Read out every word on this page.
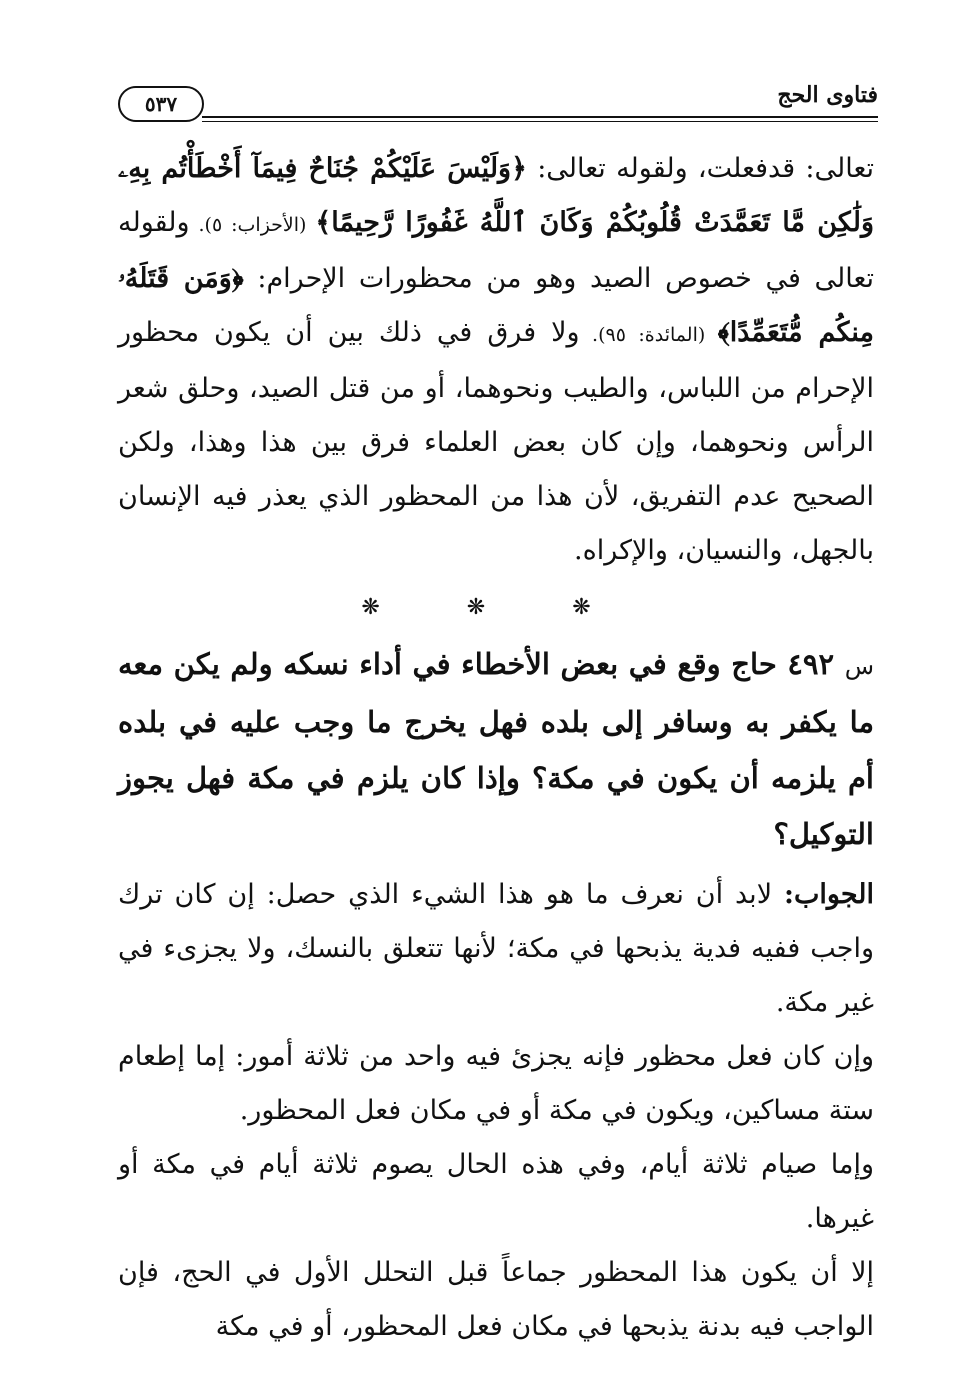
٥٣٧	فتاوى الحج

تعالى: قدفعلت، ولقوله تعالى: ﴿وَلَيْسَ عَلَيْكُمْ جُنَاحٌ فِيمَآ أَخْطَأْتُم بِهِۦ وَلَٰكِن مَّا تَعَمَّدَتْ قُلُوبُكُمْ وَكَانَ ٱللَّهُ غَفُورًا رَّحِيمًا﴾ (الأحزاب: ٥). ولقوله تعالى في خصوص الصيد وهو من محظورات الإحرام: ﴿وَمَن قَتَلَهُۥ مِنكُم مُّتَعَمِّدًا﴾ (المائدة: ٩٥). ولا فرق في ذلك بين أن يكون محظور الإحرام من اللباس، والطيب ونحوهما، أو من قتل الصيد، وحلق شعر الرأس ونحوهما، وإن كان بعض العلماء فرق بين هذا وهذا، ولكن الصحيح عدم التفريق، لأن هذا من المحظور الذي يعذر فيه الإنسان بالجهل، والنسيان، والإكراه.

❋ ❋ ❋

س ٤٩٢ حاج وقع في بعض الأخطاء في أداء نسكه ولم يكن معه ما يكفر به وسافر إلى بلده فهل يخرج ما وجب عليه في بلده أم يلزمه أن يكون في مكة؟ وإذا كان يلزم في مكة فهل يجوز التوكيل؟

الجواب: لابد أن نعرف ما هو هذا الشيء الذي حصل: إن كان ترك واجب ففيه فدية يذبحها في مكة؛ لأنها تتعلق بالنسك، ولا يجزىء في غير مكة.

وإن كان فعل محظور فإنه يجزئ فيه واحد من ثلاثة أمور: إما إطعام ستة مساكين، ويكون في مكة أو في مكان فعل المحظور.

وإما صيام ثلاثة أيام، وفي هذه الحال يصوم ثلاثة أيام في مكة أو غيرها.

إلا أن يكون هذا المحظور جماعاً قبل التحلل الأول في الحج، فإن الواجب فيه بدنة يذبحها في مكان فعل المحظور، أو في مكة
